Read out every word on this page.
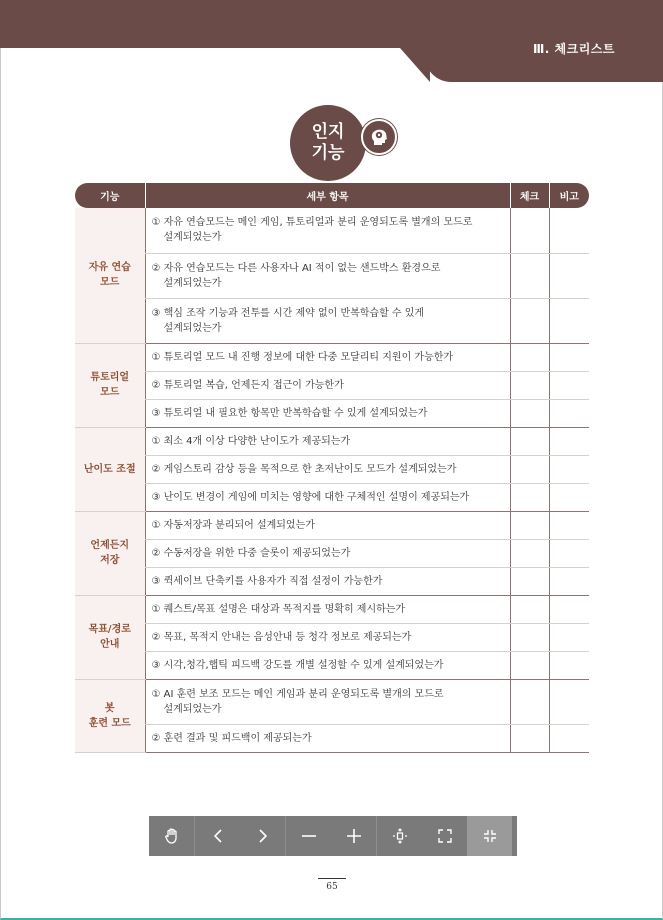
Ⅲ. 체크리스트
인지
기능
기능	세부 항목	체크	비고

자유 연습
모드	① 자유 연습모드는 메인 게임, 튜토리얼과 분리 운영되도록 별개의 모드로
설계되었는가		

	② 자유 연습모드는 다른 사용자나 AI 적이 없는 샌드박스 환경으로
설계되었는가		

	③ 핵심 조작 기능과 전투를 시간 제약 없이 반복학습할 수 있게
설계되었는가		

튜토리얼
모드	① 튜토리얼 모드 내 진행 정보에 대한 다중 모달리티 지원이 가능한가		
	② 튜토리얼 복습, 언제든지 접근이 가능한가		
	③ 튜토리얼 내 필요한 항목만 반복학습할 수 있게 설계되었는가		

난이도 조절	① 최소 4개 이상 다양한 난이도가 제공되는가		
	② 게임스토리 감상 등을 목적으로 한 초저난이도 모드가 설계되었는가		
	③ 난이도 변경이 게임에 미치는 영향에 대한 구체적인 설명이 제공되는가		

언제든지
저장	① 자동저장과 분리되어 설계되었는가		
	② 수동저장을 위한 다중 슬롯이 제공되었는가		
	③ 퀵세이브 단축키를 사용자가 직접 설정이 가능한가		

목표/경로
안내	① 퀘스트/목표 설명은 대상과 목적지를 명확히 제시하는가		
	② 목표, 목적지 안내는 음성안내 등 청각 정보로 제공되는가		
	③ 시각,청각,햅틱 피드백 강도를 개별 설정할 수 있게 설계되었는가		

봇
훈련 모드	① AI 훈련 보조 모드는 메인 게임과 분리 운영되도록 별개의 모드로
설계되었는가		

	② 훈련 결과 및 피드백이 제공되는가		
65
